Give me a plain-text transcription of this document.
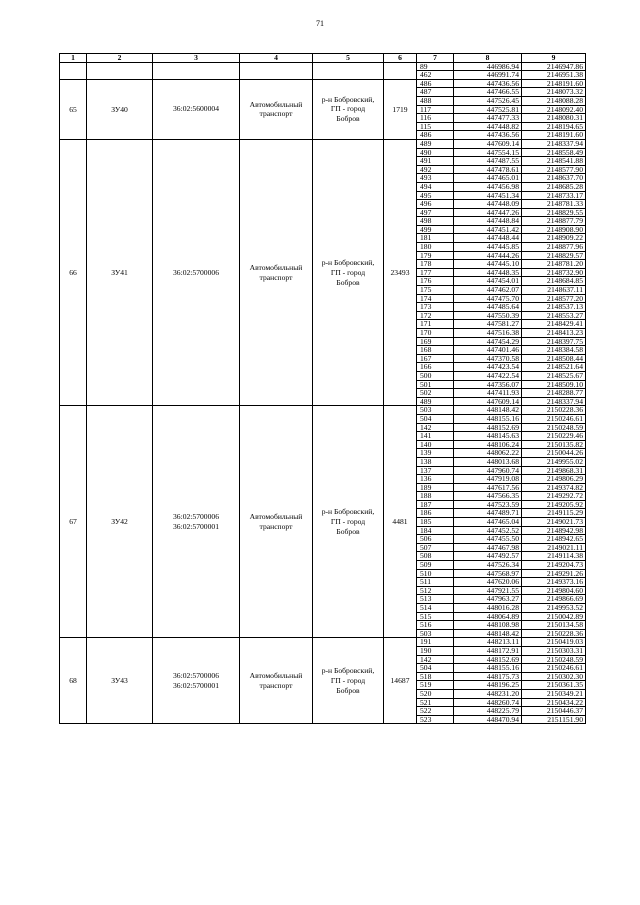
71
1	2	3	4	5	6	7	8	9
						89	446986.94	2146947.86
						462	446991.74	2146951.38
65	ЗУ40	36:02:5600004	Автомобильный
транспорт	р-н Бобровский,
ГП - город
Бобров	1719	486	447436.56	2148191.60
						487	447466.55	2148073.32
						488	447526.45	2148088.28
						117	447525.81	2148092.40
						116	447477.33	2148080.31
						115	447448.82	2148194.65
						486	447436.56	2148191.60
66	ЗУ41	36:02:5700006	Автомобильный
транспорт	р-н Бобровский,
ГП - город
Бобров	23493	489	447609.14	2148337.94
						490	447554.15	2148558.49
						491	447487.55	2148541.88
						492	447478.61	2148577.90
						493	447465.01	2148637.70
						494	447456.98	2148685.28
						495	447451.34	2148733.17
						496	447448.09	2148781.33
						497	447447.26	2148829.55
						498	447448.84	2148877.79
						499	447451.42	2148908.90
						181	447448.44	2148909.22
						180	447445.85	2148877.96
						179	447444.26	2148829.57
						178	447445.10	2148781.20
						177	447448.35	2148732.90
						176	447454.01	2148684.85
						175	447462.07	2148637.11
						174	447475.70	2148577.20
						173	447485.64	2148537.13
						172	447550.39	2148553.27
						171	447581.27	2148429.41
						170	447516.38	2148413.23
						169	447454.29	2148397.75
						168	447401.46	2148384.58
						167	447370.58	2148508.44
						166	447423.54	2148521.64
						500	447422.54	2148525.67
						501	447356.07	2148509.10
						502	447411.93	2148288.77
						489	447609.14	2148337.94
67	ЗУ42	36:02:5700006
36:02:5700001	Автомобильный
транспорт	р-н Бобровский,
ГП - город
Бобров	4481	503	448148.42	2150228.36
						504	448155.16	2150246.61
						142	448152.69	2150248.59
						141	448145.63	2150229.46
						140	448106.24	2150135.82
						139	448062.22	2150044.26
						138	448013.68	2149955.02
						137	447960.74	2149868.31
						136	447919.08	2149806.29
						189	447617.56	2149374.82
						188	447566.35	2149292.72
						187	447523.59	2149205.92
						186	447489.71	2149115.29
						185	447465.04	2149021.73
						184	447452.52	2148942.98
						506	447455.50	2148942.65
						507	447467.98	2149021.11
						508	447492.57	2149114.38
						509	447526.34	2149204.73
						510	447568.97	2149291.26
						511	447620.06	2149373.16
						512	447921.55	2149804.60
						513	447963.27	2149866.69
						514	448016.28	2149953.52
						515	448064.89	2150042.89
						516	448108.98	2150134.58
						503	448148.42	2150228.36
68	ЗУ43	36:02:5700006
36:02:5700001	Автомобильный
транспорт	р-н Бобровский,
ГП - город
Бобров	14687	191	448213.11	2150419.03
						190	448172.91	2150303.31
						142	448152.69	2150248.59
						504	448155.16	2150246.61
						518	448175.73	2150302.30
						519	448196.25	2150361.35
						520	448231.20	2150349.21
						521	448260.74	2150434.22
						522	448225.79	2150446.37
						523	448470.94	2151151.90
